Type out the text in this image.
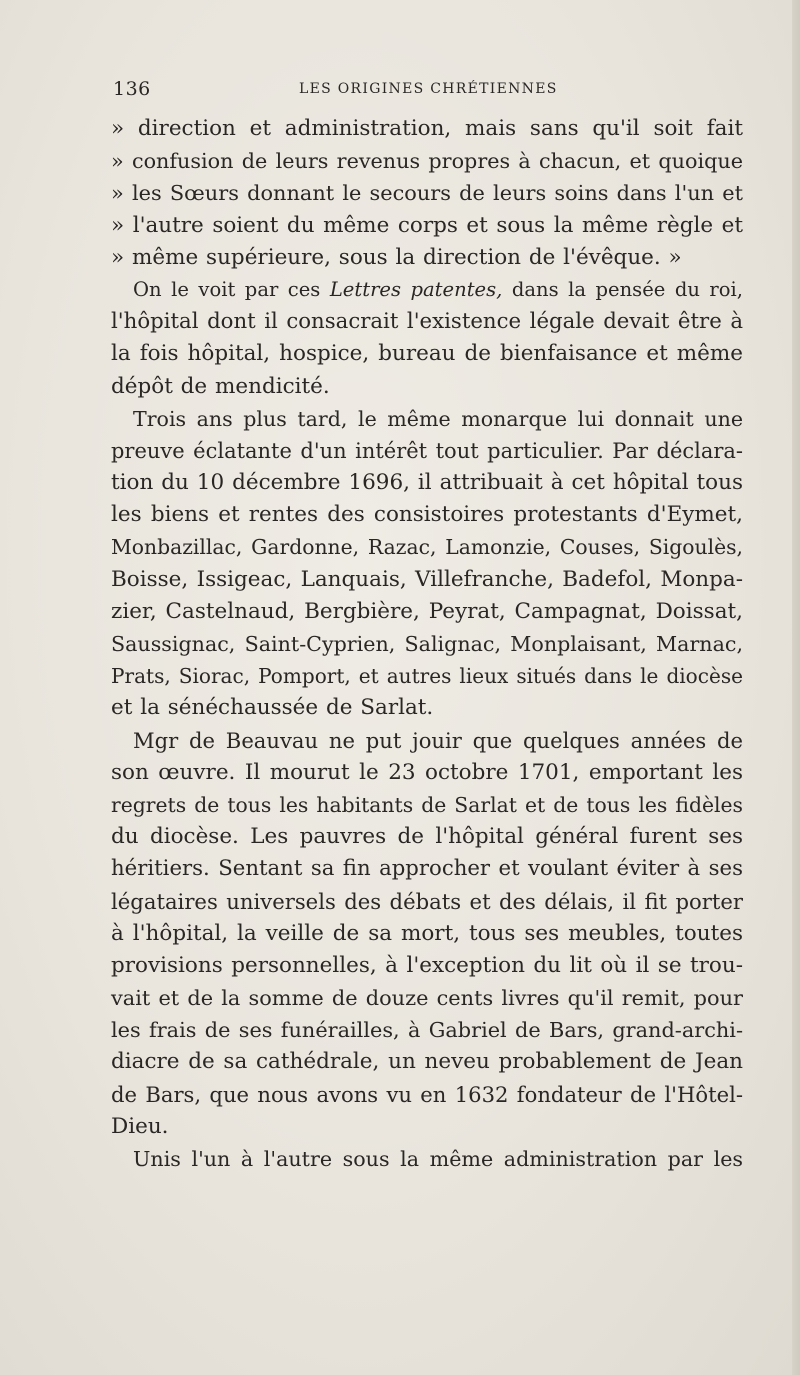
136	LES ORIGINES CHRÉTIENNES
» direction et administration, mais sans qu'il soit fait
» confusion de leurs revenus propres à chacun, et quoique
» les Sœurs donnant le secours de leurs soins dans l'un et
» l'autre soient du même corps et sous la même règle et
» même supérieure, sous la direction de l'évêque. »
On le voit par ces Lettres patentes, dans la pensée du roi,
l'hôpital dont il consacrait l'existence légale devait être à
la fois hôpital, hospice, bureau de bienfaisance et même
dépôt de mendicité.
Trois ans plus tard, le même monarque lui donnait une
preuve éclatante d'un intérêt tout particulier. Par déclara-
tion du 10 décembre 1696, il attribuait à cet hôpital tous
les biens et rentes des consistoires protestants d'Eymet,
Monbazillac, Gardonne, Razac, Lamonzie, Couses, Sigoulès,
Boisse, Issigeac, Lanquais, Villefranche, Badefol, Monpa-
zier, Castelnaud, Bergbière, Peyrat, Campagnat, Doissat,
Saussignac, Saint-Cyprien, Salignac, Monplaisant, Marnac,
Prats, Siorac, Pomport, et autres lieux situés dans le diocèse
et la sénéchaussée de Sarlat.
Mgr de Beauvau ne put jouir que quelques années de
son œuvre. Il mourut le 23 octobre 1701, emportant les
regrets de tous les habitants de Sarlat et de tous les fidèles
du diocèse. Les pauvres de l'hôpital général furent ses
héritiers. Sentant sa fin approcher et voulant éviter à ses
légataires universels des débats et des délais, il fit porter
à l'hôpital, la veille de sa mort, tous ses meubles, toutes
provisions personnelles, à l'exception du lit où il se trou-
vait et de la somme de douze cents livres qu'il remit, pour
les frais de ses funérailles, à Gabriel de Bars, grand-archi-
diacre de sa cathédrale, un neveu probablement de Jean
de Bars, que nous avons vu en 1632 fondateur de l'Hôtel-
Dieu.
Unis l'un à l'autre sous la même administration par les
